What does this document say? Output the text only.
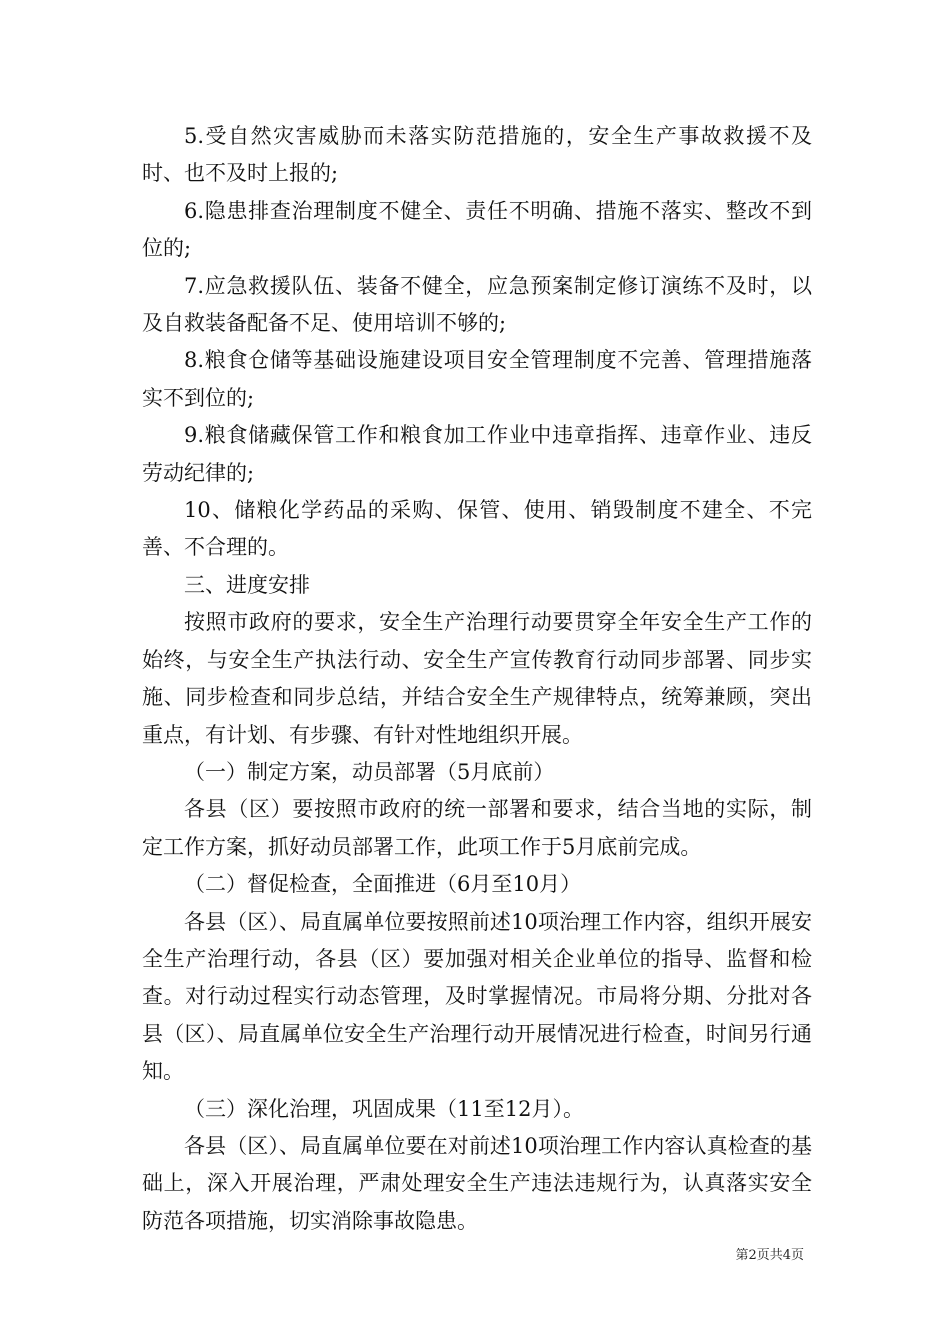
5.受自然灾害威胁而未落实防范措施的，安全生产事故救援不及时、也不及时上报的;

6.隐患排查治理制度不健全、责任不明确、措施不落实、整改不到位的;

7.应急救援队伍、装备不健全，应急预案制定修订演练不及时，以及自救装备配备不足、使用培训不够的;

8.粮食仓储等基础设施建设项目安全管理制度不完善、管理措施落实不到位的;

9.粮食储藏保管工作和粮食加工作业中违章指挥、违章作业、违反劳动纪律的;

10、储粮化学药品的采购、保管、使用、销毁制度不建全、不完善、不合理的。

三、进度安排

按照市政府的要求，安全生产治理行动要贯穿全年安全生产工作的始终，与安全生产执法行动、安全生产宣传教育行动同步部署、同步实施、同步检查和同步总结，并结合安全生产规律特点，统筹兼顾，突出重点，有计划、有步骤、有针对性地组织开展。

（一）制定方案，动员部署（5月底前）

各县（区）要按照市政府的统一部署和要求，结合当地的实际，制定工作方案，抓好动员部署工作，此项工作于5月底前完成。

（二）督促检查，全面推进（6月至10月）

各县（区）、局直属单位要按照前述10项治理工作内容，组织开展安全生产治理行动，各县（区）要加强对相关企业单位的指导、监督和检查。对行动过程实行动态管理，及时掌握情况。市局将分期、分批对各县（区）、局直属单位安全生产治理行动开展情况进行检查，时间另行通知。

（三）深化治理，巩固成果（11至12月）。

各县（区）、局直属单位要在对前述10项治理工作内容认真检查的基础上，深入开展治理，严肃处理安全生产违法违规行为，认真落实安全防范各项措施，切实消除事故隐患。

第2页共4页
